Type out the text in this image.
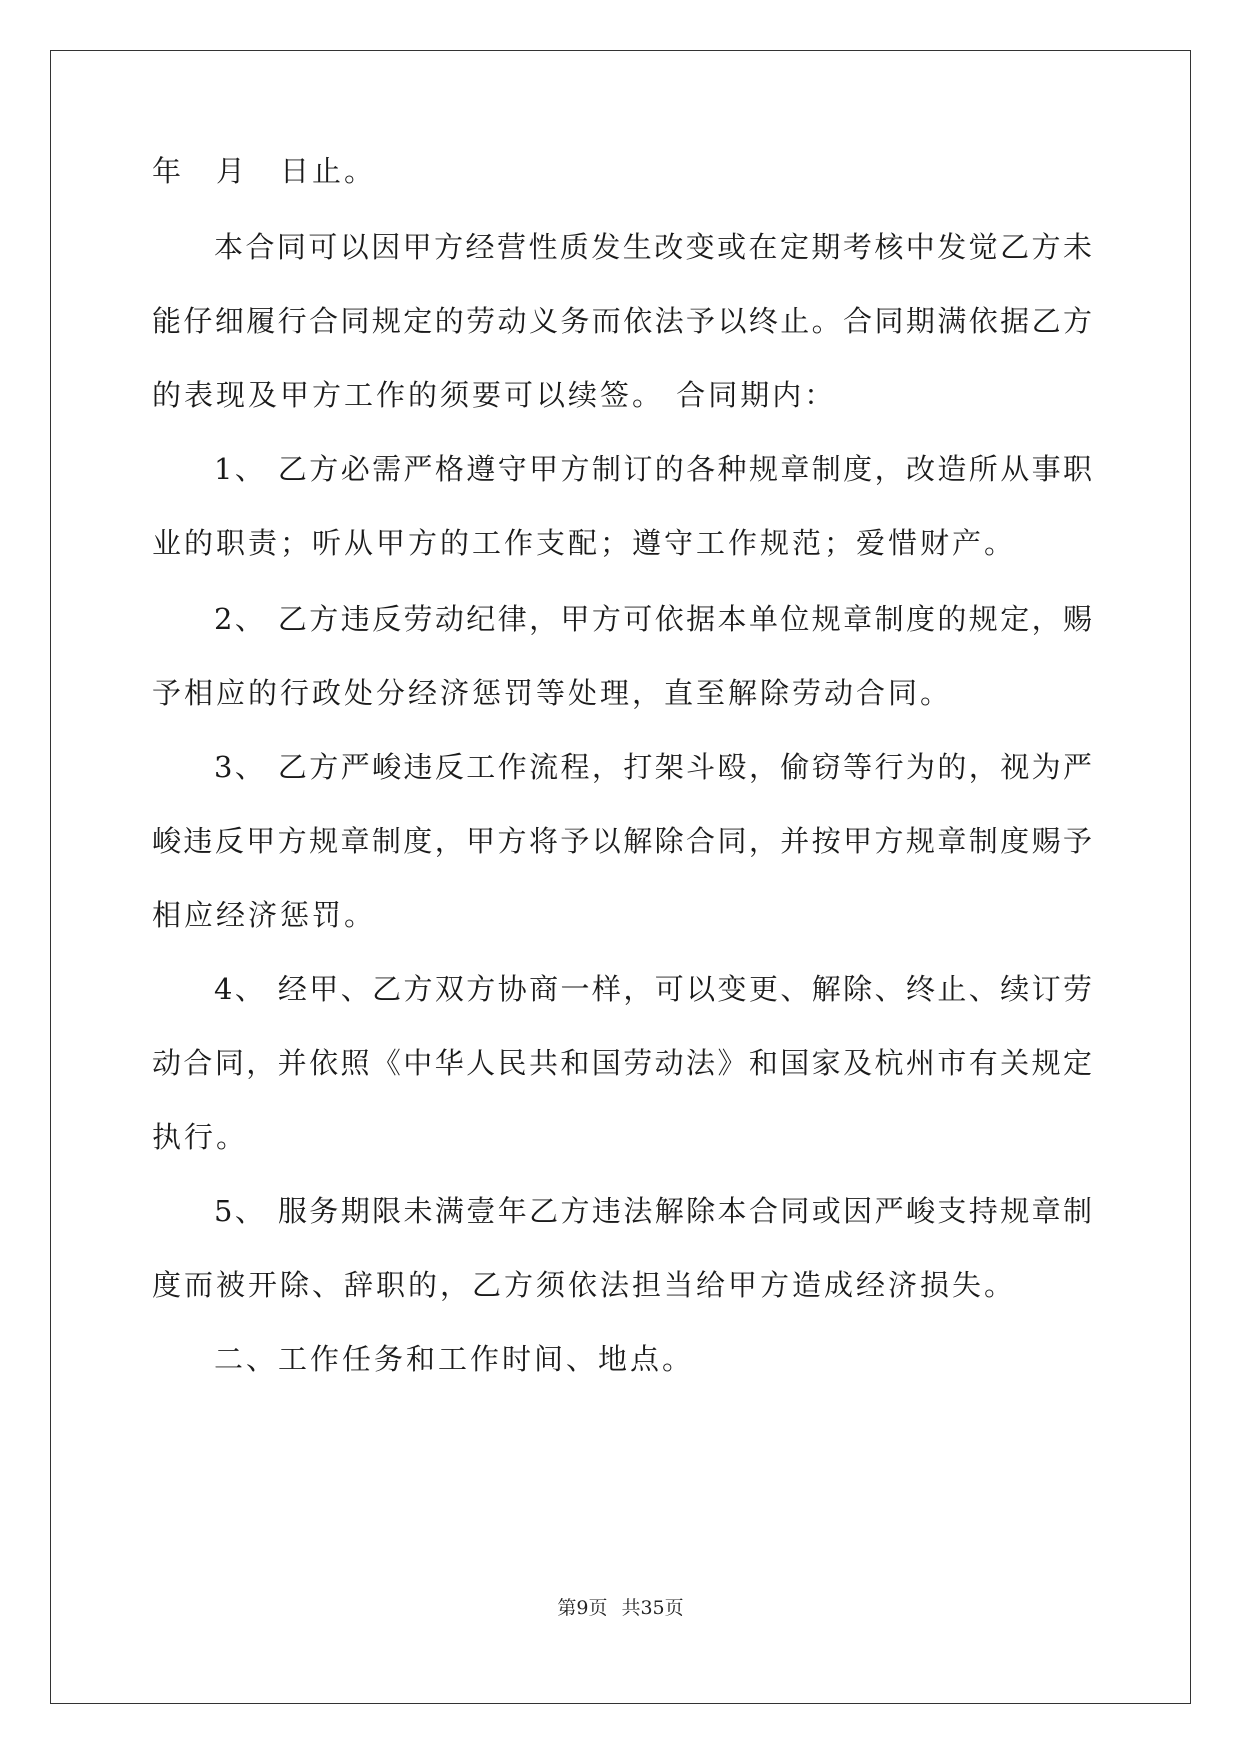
年　月　日止。
本合同可以因甲方经营性质发生改变或在定期考核中发觉乙方未
能仔细履行合同规定的劳动义务而依法予以终止。合同期满依据乙方
的表现及甲方工作的须要可以续签。 合同期内：
1、 乙方必需严格遵守甲方制订的各种规章制度，改造所从事职
业的职责；听从甲方的工作支配；遵守工作规范；爱惜财产。
2、 乙方违反劳动纪律，甲方可依据本单位规章制度的规定，赐
予相应的行政处分经济惩罚等处理，直至解除劳动合同。
3、 乙方严峻违反工作流程，打架斗殴，偷窃等行为的，视为严
峻违反甲方规章制度，甲方将予以解除合同，并按甲方规章制度赐予
相应经济惩罚。
4、 经甲、乙方双方协商一样，可以变更、解除、终止、续订劳
动合同，并依照《中华人民共和国劳动法》和国家及杭州市有关规定
执行。
5、 服务期限未满壹年乙方违法解除本合同或因严峻支持规章制
度而被开除、辞职的，乙方须依法担当给甲方造成经济损失。
二、工作任务和工作时间、地点。
第9页 共35页
